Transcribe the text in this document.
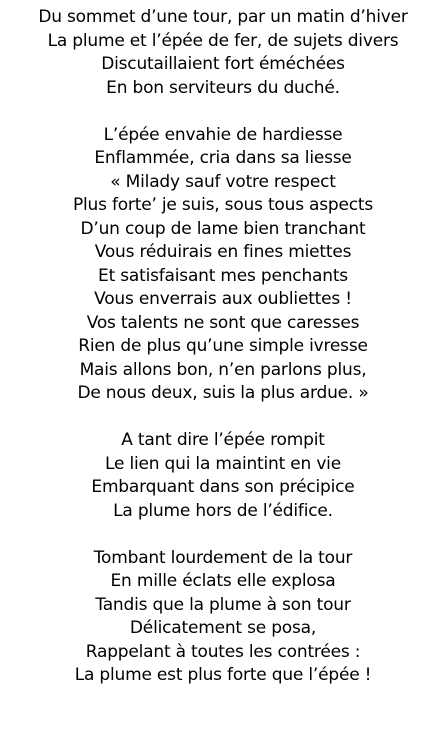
Du sommet d’une tour, par un matin d’hiver
La plume et l’épée de fer, de sujets divers
Discutaillaient fort éméchées
En bon serviteurs du duché.
L’épée envahie de hardiesse
Enflammée, cria dans sa liesse
« Milady sauf votre respect
Plus forte’ je suis, sous tous aspects
D’un coup de lame bien tranchant
Vous réduirais en fines miettes
Et satisfaisant mes penchants
Vous enverrais aux oubliettes !
Vos talents ne sont que caresses
Rien de plus qu’une simple ivresse
Mais allons bon, n’en parlons plus,
De nous deux, suis la plus ardue. »
A tant dire l’épée rompit
Le lien qui la maintint en vie
Embarquant dans son précipice
La plume hors de l’édifice.
Tombant lourdement de la tour
En mille éclats elle explosa
Tandis que la plume à son tour
Délicatement se posa,
Rappelant à toutes les contrées :
La plume est plus forte que l’épée !
